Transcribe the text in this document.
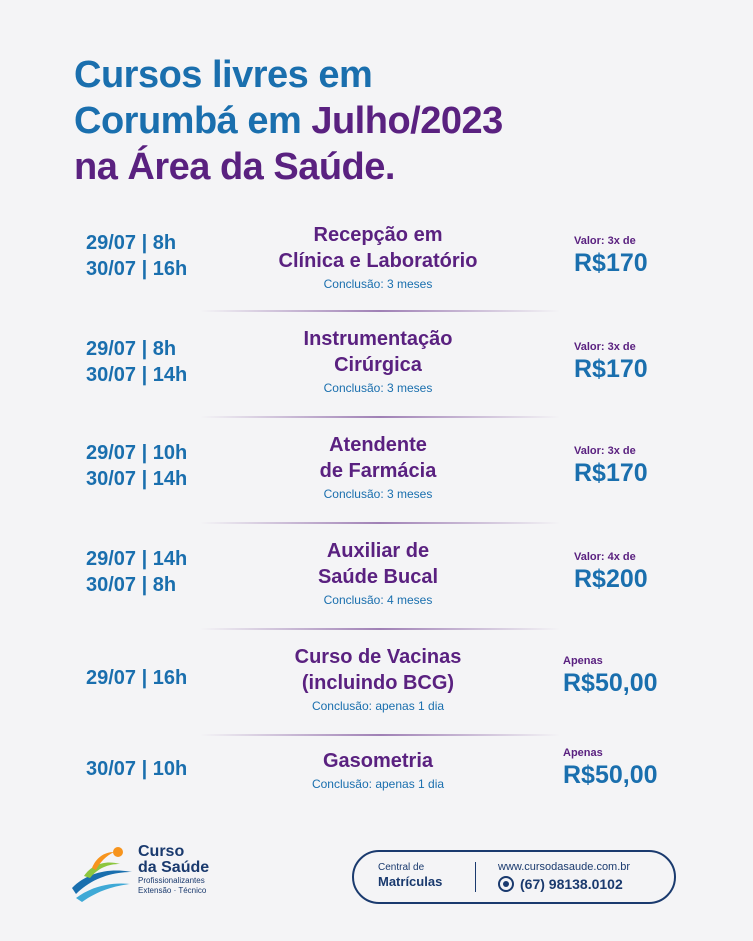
Cursos livres em
Corumbá em Julho/2023
na Área da Saúde.
29/07 | 8h
30/07 | 16h
Recepção em
Clínica e Laboratório
Conclusão: 3 meses
Valor: 3x de
R$170
29/07 | 8h
30/07 | 14h
Instrumentação
Cirúrgica
Conclusão: 3 meses
Valor: 3x de
R$170
29/07 | 10h
30/07 | 14h
Atendente
de Farmácia
Conclusão: 3 meses
Valor: 3x de
R$170
29/07 | 14h
30/07 | 8h
Auxiliar de
Saúde Bucal
Conclusão: 4 meses
Valor: 4x de
R$200
29/07 | 16h
Curso de Vacinas
(incluindo BCG)
Conclusão: apenas 1 dia
Apenas
R$50,00
30/07 | 10h	Gasometria
Conclusão: apenas 1 dia
Apenas
R$50,00
Curso
da Saúde
Profissionalizantes
Extensão · Técnico
Central de
Matrículas
www.cursodasaude.com.br
(67) 98138.0102
